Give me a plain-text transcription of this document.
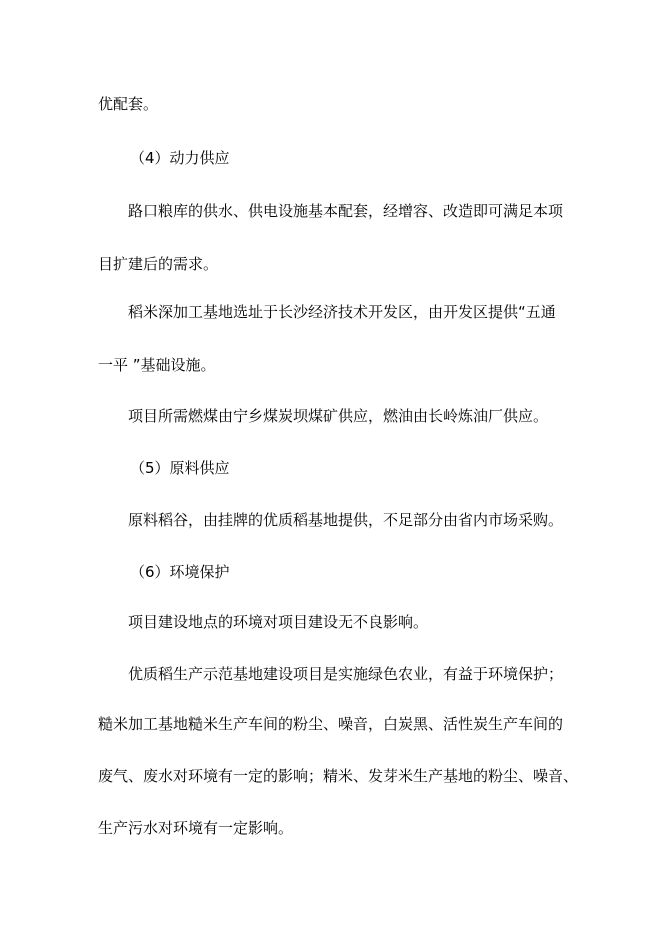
优配套。
（4）动力供应
路口粮库的供水、供电设施基本配套，经增容、改造即可满足本项
目扩建后的需求。
稻米深加工基地选址于长沙经济技术开发区，由开发区提供“五通
一平 ”基础设施。
项目所需燃煤由宁乡煤炭坝煤矿供应，燃油由长岭炼油厂供应。
（5）原料供应
原料稻谷，由挂牌的优质稻基地提供，不足部分由省内市场采购。
（6）环境保护
项目建设地点的环境对项目建设无不良影响。
优质稻生产示范基地建设项目是实施绿色农业，有益于环境保护；
糙米加工基地糙米生产车间的粉尘、噪音，白炭黑、活性炭生产车间的
废气、废水对环境有一定的影响；精米、发芽米生产基地的粉尘、噪音、
生产污水对环境有一定影响。
